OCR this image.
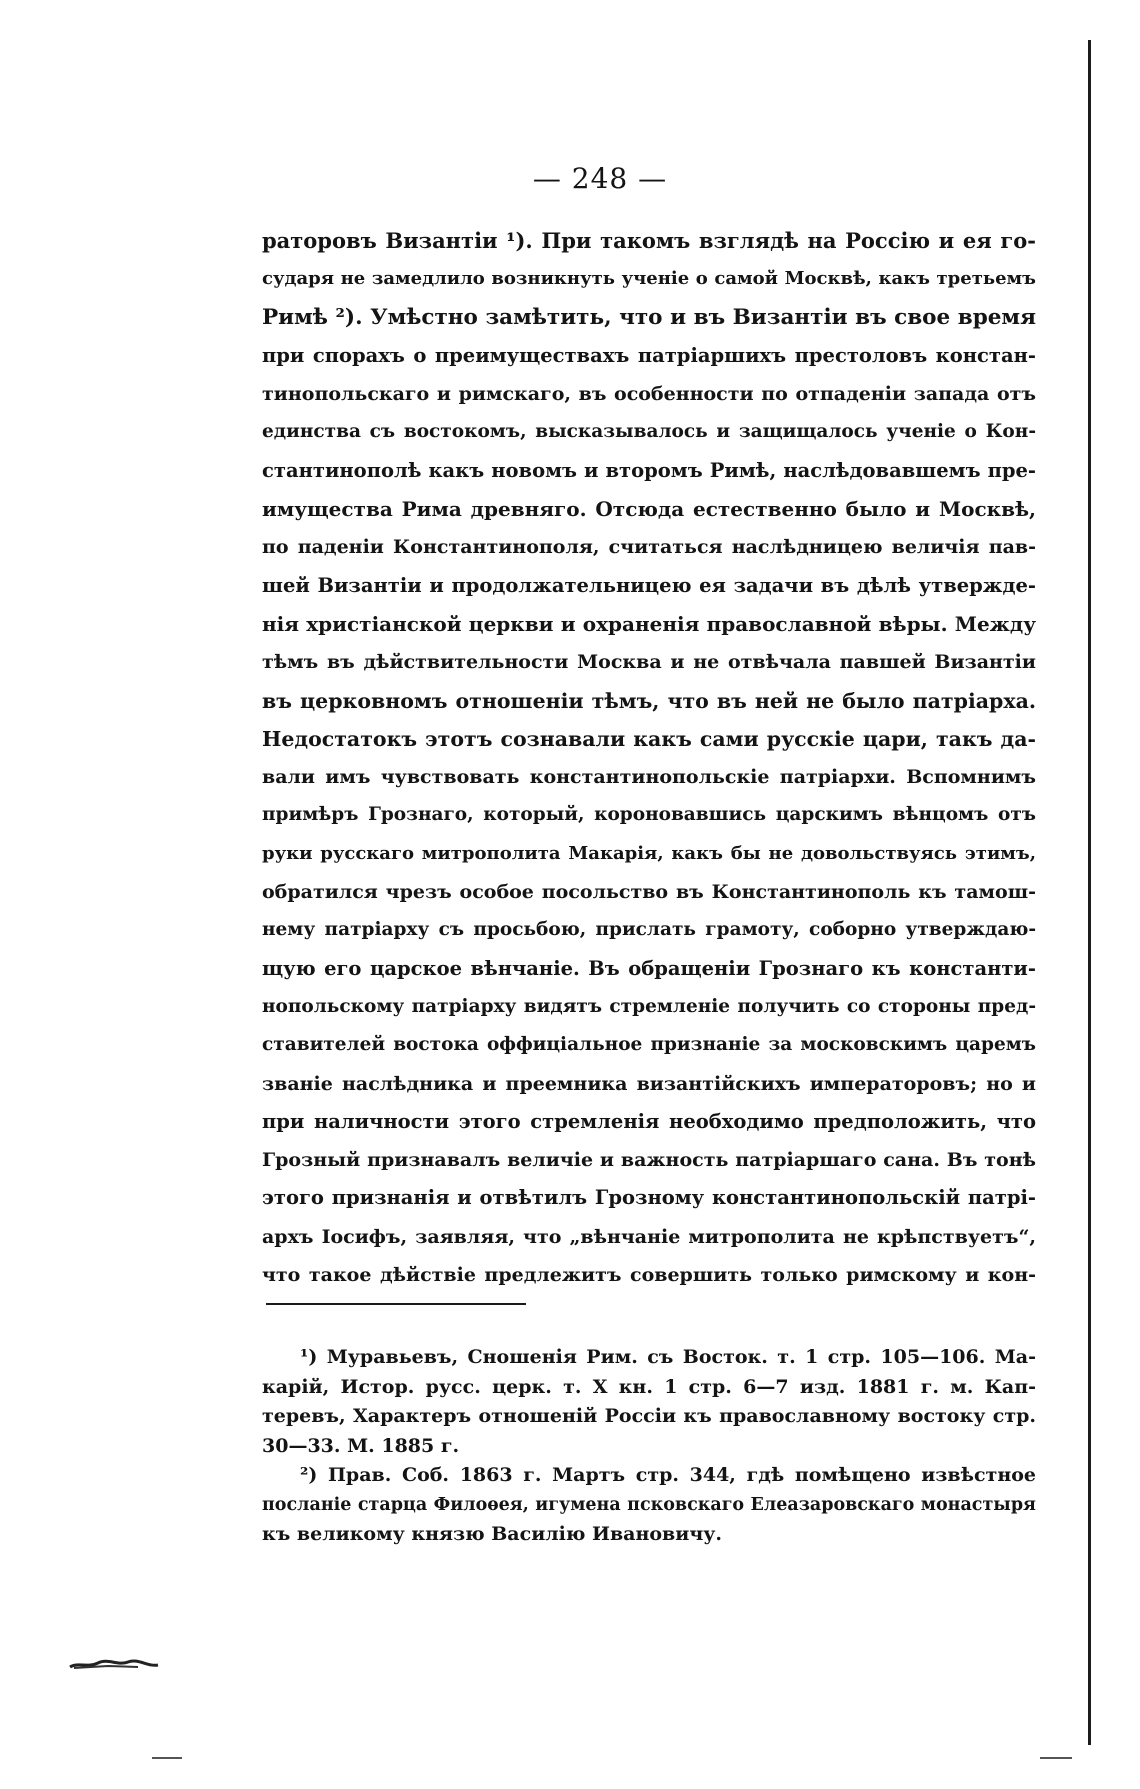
— 248 —
раторовъ Византіи ¹). При такомъ взглядѣ на Россію и ея го-
сударя не замедлило возникнуть ученіе о самой Москвѣ, какъ третьемъ
Римѣ ²). Умѣстно замѣтить, что и въ Византіи въ свое время
при спорахъ о преимуществахъ патріаршихъ престоловъ констан-
тинопольскаго и римскаго, въ особенности по отпаденіи запада отъ
единства съ востокомъ, высказывалось и защищалось ученіе о Кон-
стантинополѣ какъ новомъ и второмъ Римѣ, наслѣдовавшемъ пре-
имущества Рима древняго. Отсюда естественно было и Москвѣ,
по паденіи Константинополя, считаться наслѣдницею величія пав-
шей Византіи и продолжательницею ея задачи въ дѣлѣ утвержде-
нія христіанской церкви и охраненія православной вѣры. Между
тѣмъ въ дѣйствительности Москва и не отвѣчала павшей Византіи
въ церковномъ отношеніи тѣмъ, что въ ней не было патріарха.
Недостатокъ этотъ сознавали какъ сами русскіе цари, такъ да-
вали имъ чувствовать константинопольскіе патріархи. Вспомнимъ
примѣръ Грознаго, который, короновавшись царскимъ вѣнцомъ отъ
руки русскаго митрополита Макарія, какъ бы не довольствуясь этимъ,
обратился чрезъ особое посольство въ Константинополь къ тамош-
нему патріарху съ просьбою, прислать грамоту, соборно утверждаю-
щую его царское вѣнчаніе. Въ обращеніи Грознаго къ константи-
нопольскому патріарху видятъ стремленіе получить со стороны пред-
ставителей востока оффиціальное признаніе за московскимъ царемъ
званіе наслѣдника и преемника византійскихъ императоровъ; но и
при наличности этого стремленія необходимо предположить, что
Грозный признавалъ величіе и важность патріаршаго сана. Въ тонѣ
этого признанія и отвѣтилъ Грозному константинопольскій патрі-
архъ Іосифъ, заявляя, что „вѣнчаніе митрополита не крѣпствуетъ“,
что такое дѣйствіе предлежитъ совершить только римскому и кон-
¹) Муравьевъ, Сношенія Рим. съ Восток. т. 1 стр. 105—106. Ма-
карій, Истор. русс. церк. т. X кн. 1 стр. 6—7 изд. 1881 г. м. Кап-
теревъ, Характеръ отношеній Россіи къ православному востоку стр.
30—33. М. 1885 г.
²) Прав. Соб. 1863 г. Мартъ стр. 344, гдѣ помѣщено извѣстное
посланіе старца Филоѳея, игумена псковскаго Елеазаровскаго монастыря
къ великому князю Василію Ивановичу.
